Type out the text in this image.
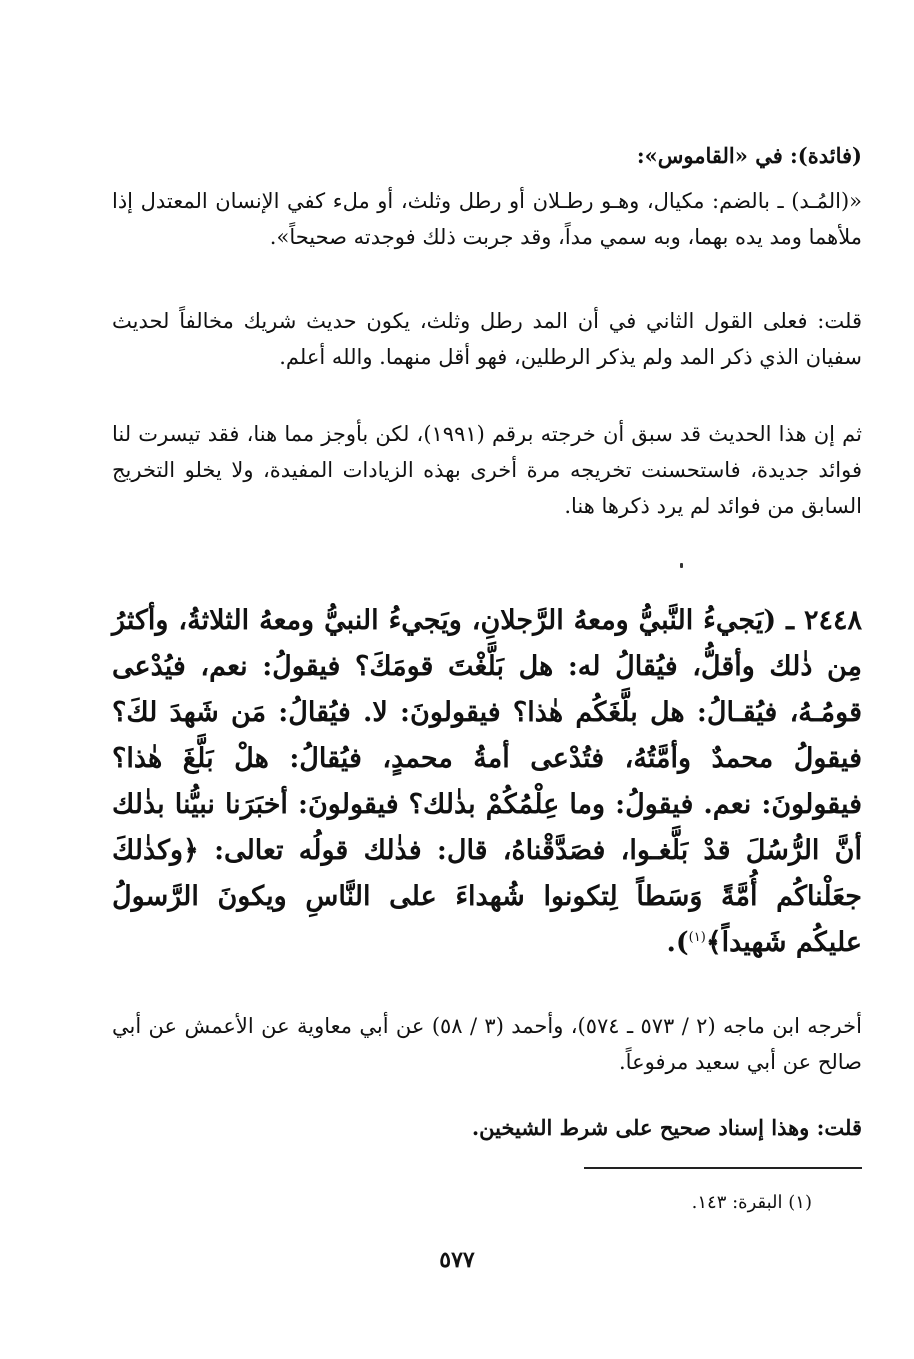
(فائدة): في «القاموس»:
«(المُـد) ـ بالضم: مكيال، وهـو رطـلان أو رطل وثلث، أو ملء كفي الإنسان المعتدل إذا ملأهما ومد يده بهما، وبه سمي مداً، وقد جربت ذلك فوجدته صحيحاً».
قلت: فعلى القول الثاني في أن المد رطل وثلث، يكون حديث شريك مخالفاً لحديث سفيان الذي ذكر المد ولم يذكر الرطلين، فهو أقل منهما. والله أعلم.
ثم إن هذا الحديث قد سبق أن خرجته برقم (١٩٩١)، لكن بأوجز مما هنا، فقد تيسرت لنا فوائد جديدة، فاستحسنت تخريجه مرة أخرى بهذه الزيادات المفيدة، ولا يخلو التخريج السابق من فوائد لم يرد ذكرها هنا.
٢٤٤٨ ـ (يَجيءُ النَّبيُّ ومعهُ الرَّجلانِ، ويَجيءُ النبيُّ ومعهُ الثلاثةُ، وأكثرُ مِن ذٰلك وأقلُّ، فيُقالُ له: هل بَلَّغْتَ قومَكَ؟ فيقولُ: نعم، فيُدْعى قومُـهُ، فيُقـالُ: هل بلَّغَكُم هٰذا؟ فيقولونَ: لا. فيُقالُ: مَن شَهدَ لكَ؟ فيقولُ محمدٌ وأمَّتُهُ، فتُدْعى أمةُ محمدٍ، فيُقالُ: هلْ بَلَّغَ هٰذا؟ فيقولونَ: نعم. فيقولُ: وما عِلْمُكُمْ بذٰلك؟ فيقولونَ: أخبَرَنا نبيُّنا بذٰلك أنَّ الرُّسُلَ قدْ بَلَّغـوا، فصَدَّقْناهُ، قال: فذٰلك قولُه تعالى: ﴿وكذٰلكَ جعَلْناكُم أُمَّةً وَسَطاً لِتكونوا شُهداءَ على النَّاسِ ويكونَ الرَّسولُ عليكُم شَهيداً﴾$^{(١)}$).
أخرجه ابن ماجه (٢ / ٥٧٣ ـ ٥٧٤)، وأحمد (٣ / ٥٨) عن أبي معاوية عن الأعمش عن أبي صالح عن أبي سعيد مرفوعاً.
قلت: وهذا إسناد صحيح على شرط الشيخين.
(١) البقرة: ١٤٣.
٥٧٧
